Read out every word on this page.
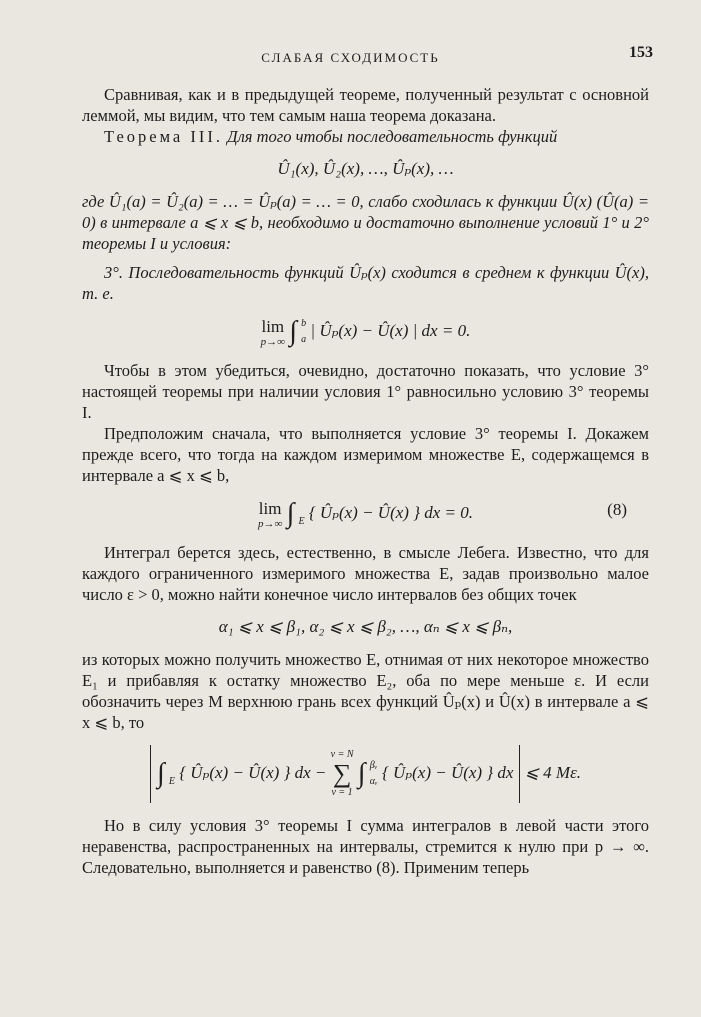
СЛАБАЯ СХОДИМОСТЬ	153

Сравнивая, как и в предыдущей теореме, полученный результат с основной леммой, мы видим, что тем самым наша теорема доказана.

Теорема III. Для того чтобы последовательность функций

Û₁(x), Û₂(x), …, Ûₚ(x), …

где Û₁(a) = Û₂(a) = … = Ûₚ(a) = … = 0, слабо сходилась к функции Û(x) (Û(a) = 0) в интервале a ⩽ x ⩽ b, необходимо и достаточно выполнение условий 1° и 2° теоремы I и условия:

3°. Последовательность функций Ûₚ(x) сходится в среднем к функции Û(x), т. е.

lim
p→∞ ∫ b
a | Ûₚ(x) − Û(x) | dx = 0.

Чтобы в этом убедиться, очевидно, достаточно показать, что условие 3° настоящей теоремы при наличии условия 1° равносильно условию 3° теоремы I.

Предположим сначала, что выполняется условие 3° теоремы I. Докажем прежде всего, что тогда на каждом измеримом множестве E, содержащемся в интервале a ⩽ x ⩽ b,

lim
p→∞ ∫ E { Ûₚ(x) − Û(x) } dx = 0.	(8)

Интеграл берется здесь, естественно, в смысле Лебега. Известно, что для каждого ограниченного измеримого множества E, задав произвольно малое число ε > 0, можно найти конечное число интервалов без общих точек

α₁ ⩽ x ⩽ β₁, α₂ ⩽ x ⩽ β₂, …, αₙ ⩽ x ⩽ βₙ,

из которых можно получить множество E, отнимая от них некоторое множество E₁ и прибавляя к остатку множество E₂, оба по мере меньше ε. И если обозначить через M верхнюю грань всех функций Ûₚ(x) и Û(x) в интервале a ⩽ x ⩽ b, то

∫ E { Ûₚ(x) − Û(x) } dx − ν = N
∑
ν = 1 ∫ βᵥ
αᵥ { Ûₚ(x) − Û(x) } dx ⩽ 4 Mε.

Но в силу условия 3° теоремы I сумма интегралов в левой части этого неравенства, распространенных на интервалы, стремится к нулю при p → ∞. Следовательно, выполняется и равенство (8). Применим теперь
